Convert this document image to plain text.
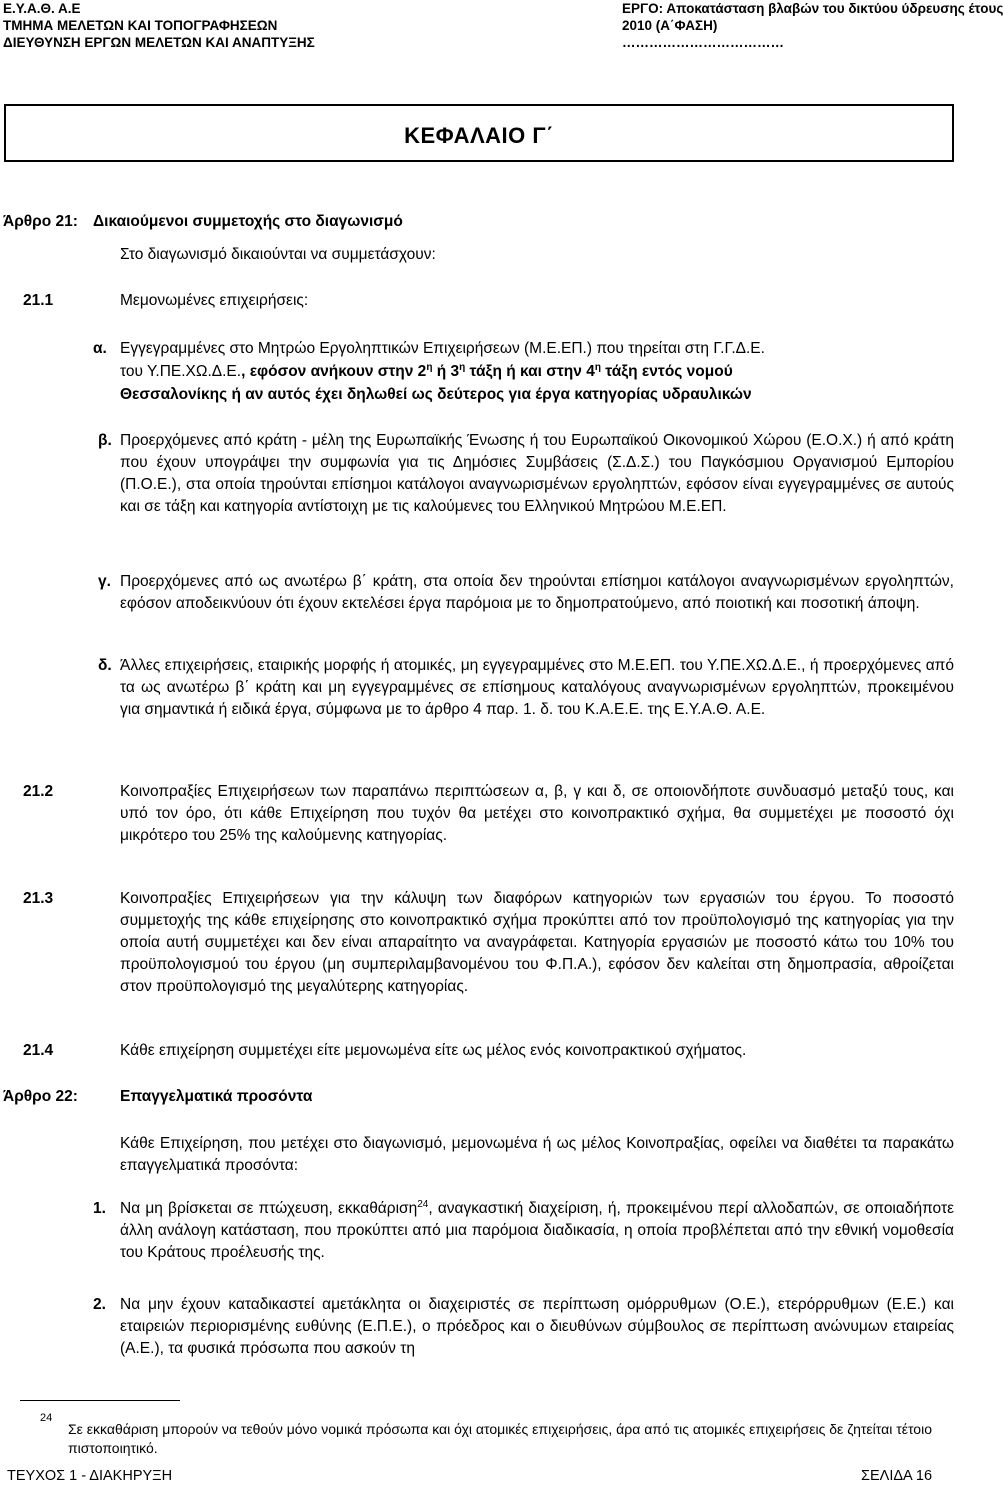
Ε.Υ.Α.Θ. Α.Ε
ΤΜΗΜΑ ΜΕΛΕΤΩΝ ΚΑΙ ΤΟΠΟΓΡΑΦΗΣΕΩΝ
ΔΙΕΥΘΥΝΣΗ ΕΡΓΩΝ ΜΕΛΕΤΩΝ ΚΑΙ ΑΝΑΠΤΥΞΗΣ
ΕΡΓΟ: Αποκατάσταση βλαβών του δικτύου ύδρευσης έτους
2010 (Α΄ΦΑΣΗ)
………………………………
ΚΕΦΑΛΑΙΟ Γ΄
Άρθρο 21: Δικαιούμενοι συμμετοχής στο διαγωνισμό
Στο διαγωνισμό δικαιούνται να συμμετάσχουν:
21.1	Μεμονωμένες επιχειρήσεις:
α. Εγγεγραμμένες στο Μητρώο Εργοληπτικών Επιχειρήσεων (Μ.Ε.ΕΠ.) που τηρείται στη Γ.Γ.Δ.Ε.
του Υ.ΠΕ.ΧΩ.Δ.Ε., εφόσον ανήκουν στην $2^\eta$ ή $3^\eta$ τάξη ή και στην $4^\eta$ τάξη εντός νομού
Θεσσαλονίκης ή αν αυτός έχει δηλωθεί ως δεύτερος για έργα κατηγορίας υδραυλικών
β. Προερχόμενες από κράτη - μέλη της Ευρωπαϊκής Ένωσης ή του Ευρωπαϊκού Οικονομικού Χώρου (Ε.Ο.Χ.) ή από κράτη που έχουν υπογράψει την συμφωνία για τις Δημόσιες Συμβάσεις (Σ.Δ.Σ.) του Παγκόσμιου Οργανισμού Εμπορίου (Π.Ο.Ε.), στα οποία τηρούνται επίσημοι κατάλογοι αναγνωρισμένων εργοληπτών, εφόσον είναι εγγεγραμμένες σε αυτούς και σε τάξη και κατηγορία αντίστοιχη με τις καλούμενες του Ελληνικού Μητρώου Μ.Ε.ΕΠ.
γ. Προερχόμενες από ως ανωτέρω β΄ κράτη, στα οποία δεν τηρούνται επίσημοι κατάλογοι αναγνωρισμένων εργοληπτών, εφόσον αποδεικνύουν ότι έχουν εκτελέσει έργα παρόμοια με το δημοπρατούμενο, από ποιοτική και ποσοτική άποψη.
δ. Άλλες επιχειρήσεις, εταιρικής μορφής ή ατομικές, μη εγγεγραμμένες στο Μ.Ε.ΕΠ. του Υ.ΠΕ.ΧΩ.Δ.Ε., ή προερχόμενες από τα ως ανωτέρω β΄ κράτη και μη εγγεγραμμένες σε επίσημους καταλόγους αναγνωρισμένων εργοληπτών, προκειμένου για σημαντικά ή ειδικά έργα, σύμφωνα με το άρθρο 4 παρ. 1. δ. του Κ.Α.Ε.Ε. της Ε.Υ.Α.Θ. Α.Ε.
21.2	Κοινοπραξίες Επιχειρήσεων των παραπάνω περιπτώσεων α, β, γ και δ, σε οποιονδήποτε συνδυασμό μεταξύ τους, και υπό τον όρο, ότι κάθε Επιχείρηση που τυχόν θα μετέχει στο κοινοπρακτικό σχήμα, θα συμμετέχει με ποσοστό όχι μικρότερο του 25% της καλούμενης κατηγορίας.
21.3	Κοινοπραξίες Επιχειρήσεων για την κάλυψη των διαφόρων κατηγοριών των εργασιών του έργου. Το ποσοστό συμμετοχής της κάθε επιχείρησης στο κοινοπρακτικό σχήμα προκύπτει από τον προϋπολογισμό της κατηγορίας για την οποία αυτή συμμετέχει και δεν είναι απαραίτητο να αναγράφεται. Κατηγορία εργασιών με ποσοστό κάτω του 10% του προϋπολογισμού του έργου (μη συμπεριλαμβανομένου του Φ.Π.Α.), εφόσον δεν καλείται στη δημοπρασία, αθροίζεται στον προϋπολογισμό της μεγαλύτερης κατηγορίας.
21.4	Κάθε επιχείρηση συμμετέχει είτε μεμονωμένα είτε ως μέλος ενός κοινοπρακτικού σχήματος.
Άρθρο 22:	Επαγγελματικά προσόντα
Κάθε Επιχείρηση, που μετέχει στο διαγωνισμό, μεμονωμένα ή ως μέλος Κοινοπραξίας, οφείλει να διαθέτει τα παρακάτω επαγγελματικά προσόντα:
1. Να μη βρίσκεται σε πτώχευση, εκκαθάριση$^{24}$, αναγκαστική διαχείριση, ή, προκειμένου περί αλλοδαπών, σε οποιαδήποτε άλλη ανάλογη κατάσταση, που προκύπτει από μια παρόμοια διαδικασία, η οποία προβλέπεται από την εθνική νομοθεσία του Κράτους προέλευσής της.
2. Να μην έχουν καταδικαστεί αμετάκλητα οι διαχειριστές σε περίπτωση ομόρρυθμων (Ο.Ε.), ετερόρρυθμων (Ε.Ε.) και εταιρειών περιορισμένης ευθύνης (Ε.Π.Ε.), ο πρόεδρος και ο διευθύνων σύμβουλος σε περίπτωση ανώνυμων εταιρείας (Α.Ε.), τα φυσικά πρόσωπα που ασκούν τη
24
Σε εκκαθάριση μπορούν να τεθούν μόνο νομικά πρόσωπα και όχι ατομικές επιχειρήσεις, άρα από τις ατομικές επιχειρήσεις δε ζητείται τέτοιο πιστοποιητικό.
ΤΕΥΧΟΣ 1 - ΔΙΑΚΗΡΥΞΗ	ΣΕΛΙΔΑ 16
